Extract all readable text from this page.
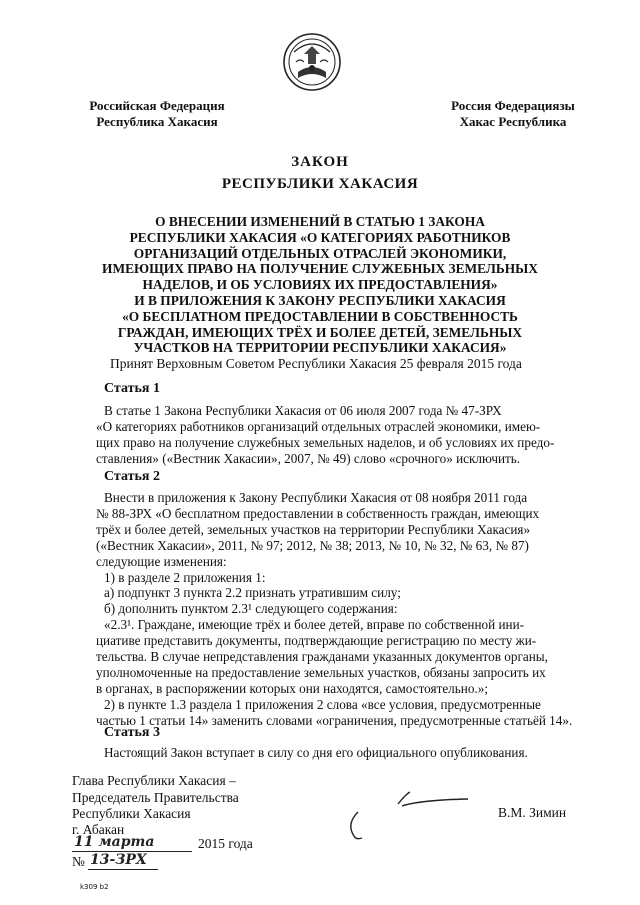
Российская Федерация
Республика Хакасия
Россия Федерациязы
Хакас Республика
ЗАКОН
РЕСПУБЛИКИ ХАКАСИЯ
О ВНЕСЕНИИ ИЗМЕНЕНИЙ В СТАТЬЮ 1 ЗАКОНА
РЕСПУБЛИКИ ХАКАСИЯ «О КАТЕГОРИЯХ РАБОТНИКОВ
ОРГАНИЗАЦИЙ ОТДЕЛЬНЫХ ОТРАСЛЕЙ ЭКОНОМИКИ,
ИМЕЮЩИХ ПРАВО НА ПОЛУЧЕНИЕ СЛУЖЕБНЫХ ЗЕМЕЛЬНЫХ
НАДЕЛОВ, И ОБ УСЛОВИЯХ ИХ ПРЕДОСТАВЛЕНИЯ»
И В ПРИЛОЖЕНИЯ К ЗАКОНУ РЕСПУБЛИКИ ХАКАСИЯ
«О БЕСПЛАТНОМ ПРЕДОСТАВЛЕНИИ В СОБСТВЕННОСТЬ
ГРАЖДАН, ИМЕЮЩИХ ТРЁХ И БОЛЕЕ ДЕТЕЙ, ЗЕМЕЛЬНЫХ
УЧАСТКОВ НА ТЕРРИТОРИИ РЕСПУБЛИКИ ХАКАСИЯ»
Принят Верховным Советом Республики Хакасия 25 февраля 2015 года
Статья 1
В статье 1 Закона Республики Хакасия от 06 июля 2007 года № 47-ЗРХ
«О категориях работников организаций отдельных отраслей экономики, имею-
щих право на получение служебных земельных наделов, и об условиях их предо-
ставления» («Вестник Хакасии», 2007, № 49) слово «срочного» исключить.
Статья 2
Внести в приложения к Закону Республики Хакасия от 08 ноября 2011 года
№ 88-ЗРХ «О бесплатном предоставлении в собственность граждан, имеющих
трёх и более детей, земельных участков на территории Республики Хакасия»
(«Вестник Хакасии», 2011, № 97; 2012, № 38; 2013, № 10, № 32, № 63, № 87)
следующие изменения:
1) в разделе 2 приложения 1:
а) подпункт 3 пункта 2.2 признать утратившим силу;
б) дополнить пунктом 2.3¹ следующего содержания:
«2.3¹. Граждане, имеющие трёх и более детей, вправе по собственной ини-
циативе представить документы, подтверждающие регистрацию по месту жи-
тельства. В случае непредставления гражданами указанных документов органы,
уполномоченные на предоставление земельных участков, обязаны запросить их
в органах, в распоряжении которых они находятся, самостоятельно.»;
2) в пункте 1.3 раздела 1 приложения 2 слова «все условия, предусмотренные
частью 1 статьи 14» заменить словами «ограничения, предусмотренные статьёй 14».
Статья 3
Настоящий Закон вступает в силу со дня его официального опубликования.
Глава Республики Хакасия –
Председатель Правительства
Республики Хакасия	В.М. Зимин
г. Абакан
11 марта	2015 года
№ 13-ЗРХ
k309 b2
